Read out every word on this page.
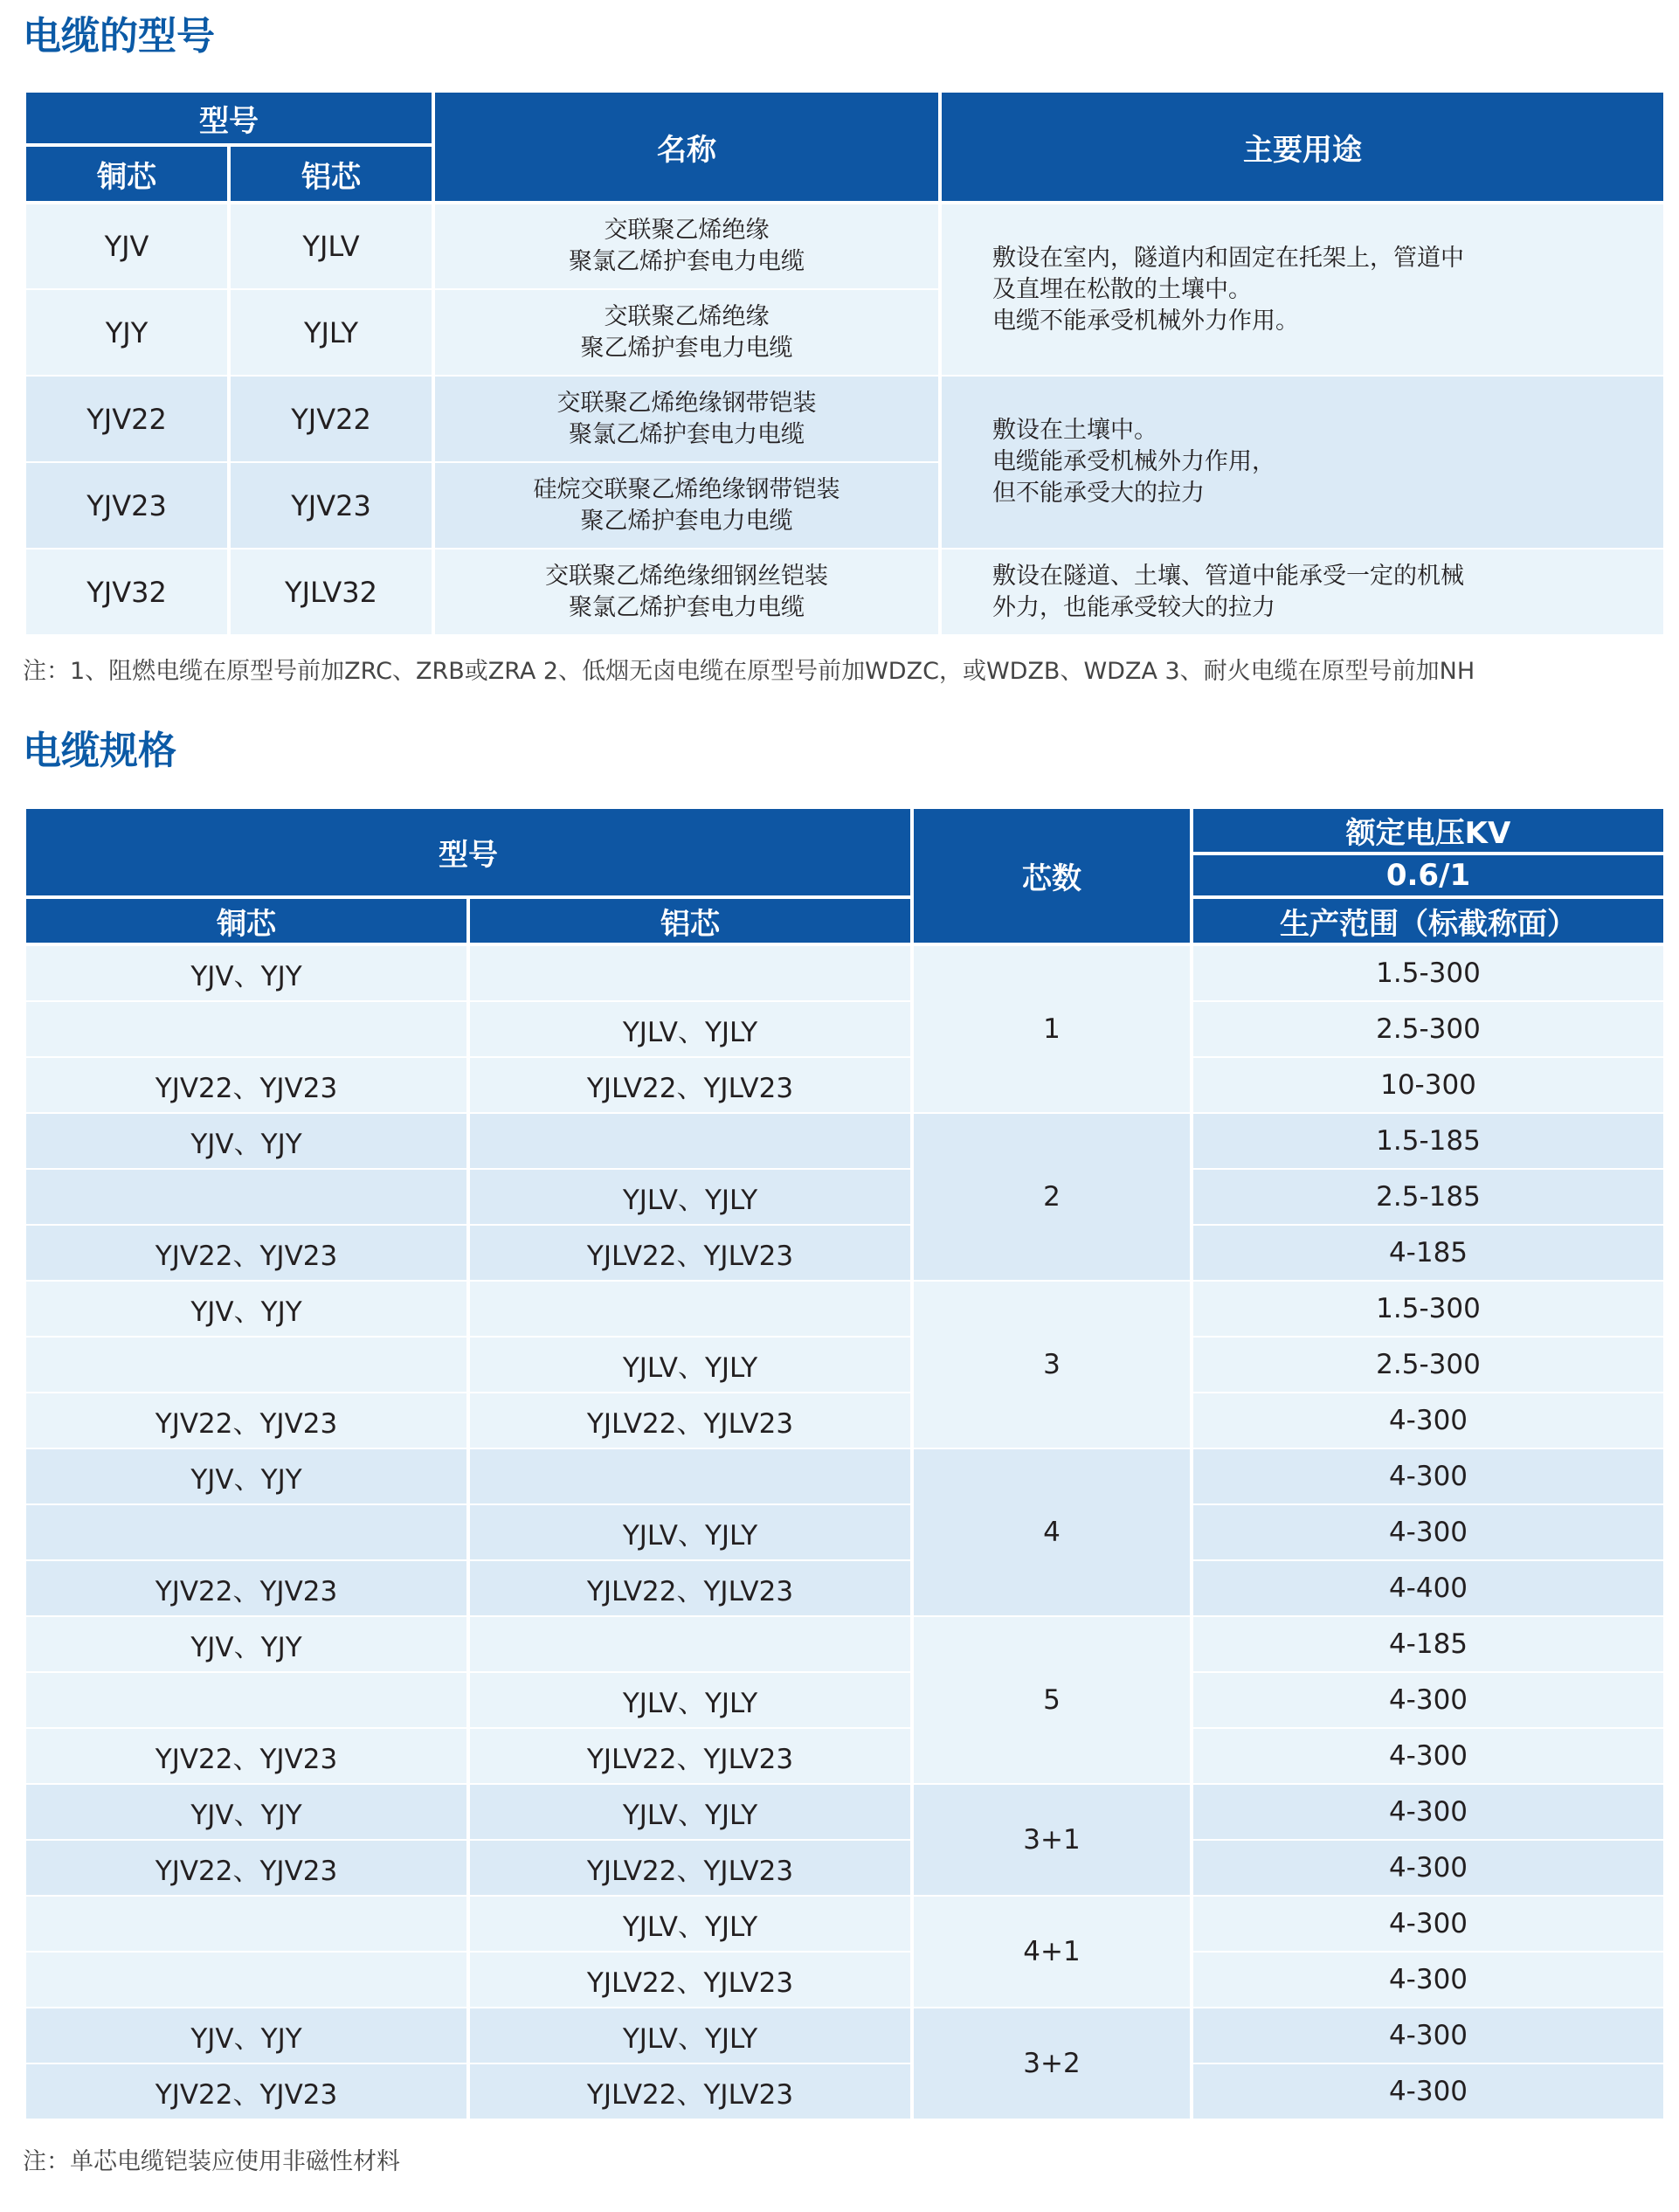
电缆的型号
型号		名称	主要用途
铜芯	铝芯		
YJV	YJLV	交联聚乙烯绝缘
聚氯乙烯护套电力电缆	敷设在室内，隧道内和固定在托架上，管道中
及直埋在松散的土壤中。
电缆不能承受机械外力作用。

YJY	YJLY	交联聚乙烯绝缘
聚乙烯护套电力电缆	

YJV22	YJV22	交联聚乙烯绝缘钢带铠装
聚氯乙烯护套电力电缆	敷设在土壤中。
电缆能承受机械外力作用，
但不能承受大的拉力

YJV23	YJV23	硅烷交联聚乙烯绝缘钢带铠装
聚乙烯护套电力电缆	

YJV32	YJLV32	交联聚乙烯绝缘细钢丝铠装
聚氯乙烯护套电力电缆	敷设在隧道、土壤、管道中能承受一定的机械
外力，也能承受较大的拉力

注：1、阻燃电缆在原型号前加ZRC、ZRB或ZRA 2、低烟无卤电缆在原型号前加WDZC，或WDZB、WDZA 3、耐火电缆在原型号前加NH

电缆规格
型号		芯数	额定电压KV
			0.6/1
铜芯	铝芯		生产范围（标截称面）
YJV、YJY		1	1.5-300
	YJLV、YJLY		2.5-300
YJV22、YJV23	YJLV22、YJLV23		10-300
YJV、YJY		2	1.5-185
	YJLV、YJLY		2.5-185
YJV22、YJV23	YJLV22、YJLV23		4-185
YJV、YJY		3	1.5-300
	YJLV、YJLY		2.5-300
YJV22、YJV23	YJLV22、YJLV23		4-300
YJV、YJY		4	4-300
	YJLV、YJLY		4-300
YJV22、YJV23	YJLV22、YJLV23		4-400
YJV、YJY		5	4-185
	YJLV、YJLY		4-300
YJV22、YJV23	YJLV22、YJLV23		4-300
YJV、YJY	YJLV、YJLY	3+1	4-300
YJV22、YJV23	YJLV22、YJLV23		4-300
	YJLV、YJLY	4+1	4-300
	YJLV22、YJLV23		4-300
YJV、YJY	YJLV、YJLY	3+2	4-300
YJV22、YJV23	YJLV22、YJLV23		4-300

注：单芯电缆铠装应使用非磁性材料
